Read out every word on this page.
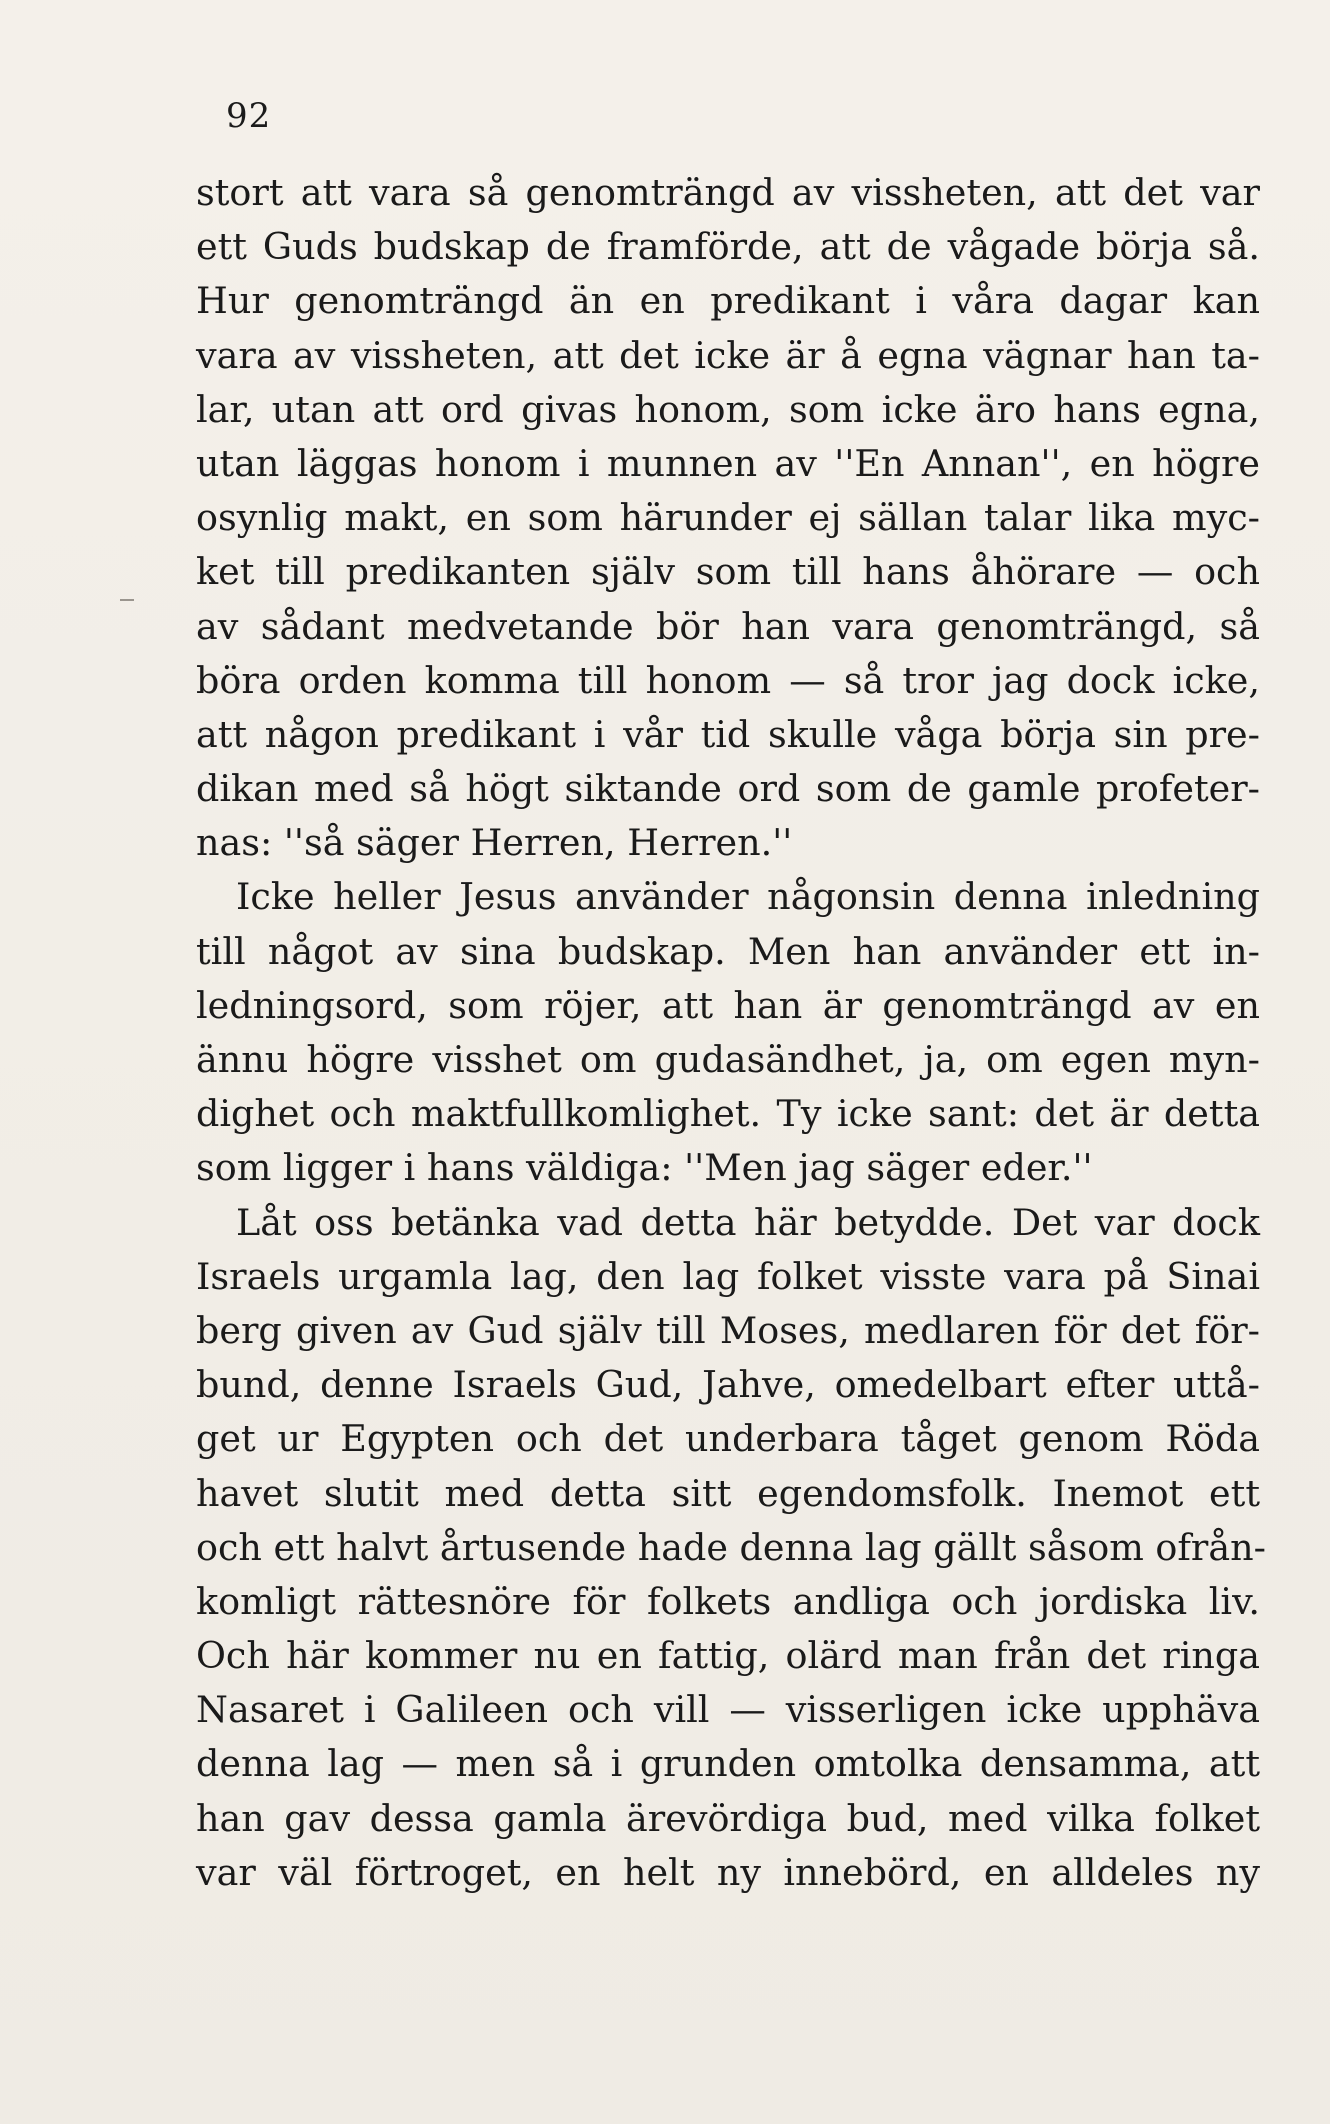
92
stort att vara så genomträngd av vissheten, att det var
ett Guds budskap de framförde, att de vågade börja så.
Hur genomträngd än en predikant i våra dagar kan
vara av vissheten, att det icke är å egna vägnar han ta-
lar, utan att ord givas honom, som icke äro hans egna,
utan läggas honom i munnen av ''En Annan'', en högre
osynlig makt, en som härunder ej sällan talar lika myc-
ket till predikanten själv som till hans åhörare — och
av sådant medvetande bör han vara genomträngd, så
böra orden komma till honom — så tror jag dock icke,
att någon predikant i vår tid skulle våga börja sin pre-
dikan med så högt siktande ord som de gamle profeter-
nas: ''så säger Herren, Herren.''
Icke heller Jesus använder någonsin denna inledning
till något av sina budskap. Men han använder ett in-
ledningsord, som röjer, att han är genomträngd av en
ännu högre visshet om gudasändhet, ja, om egen myn-
dighet och maktfullkomlighet. Ty icke sant: det är detta
som ligger i hans väldiga: ''Men jag säger eder.''
Låt oss betänka vad detta här betydde. Det var dock
Israels urgamla lag, den lag folket visste vara på Sinai
berg given av Gud själv till Moses, medlaren för det för-
bund, denne Israels Gud, Jahve, omedelbart efter uttå-
get ur Egypten och det underbara tåget genom Röda
havet slutit med detta sitt egendomsfolk. Inemot ett
och ett halvt årtusende hade denna lag gällt såsom ofrån-
komligt rättesnöre för folkets andliga och jordiska liv.
Och här kommer nu en fattig, olärd man från det ringa
Nasaret i Galileen och vill — visserligen icke upphäva
denna lag — men så i grunden omtolka densamma, att
han gav dessa gamla ärevördiga bud, med vilka folket
var väl förtroget, en helt ny innebörd, en alldeles ny
